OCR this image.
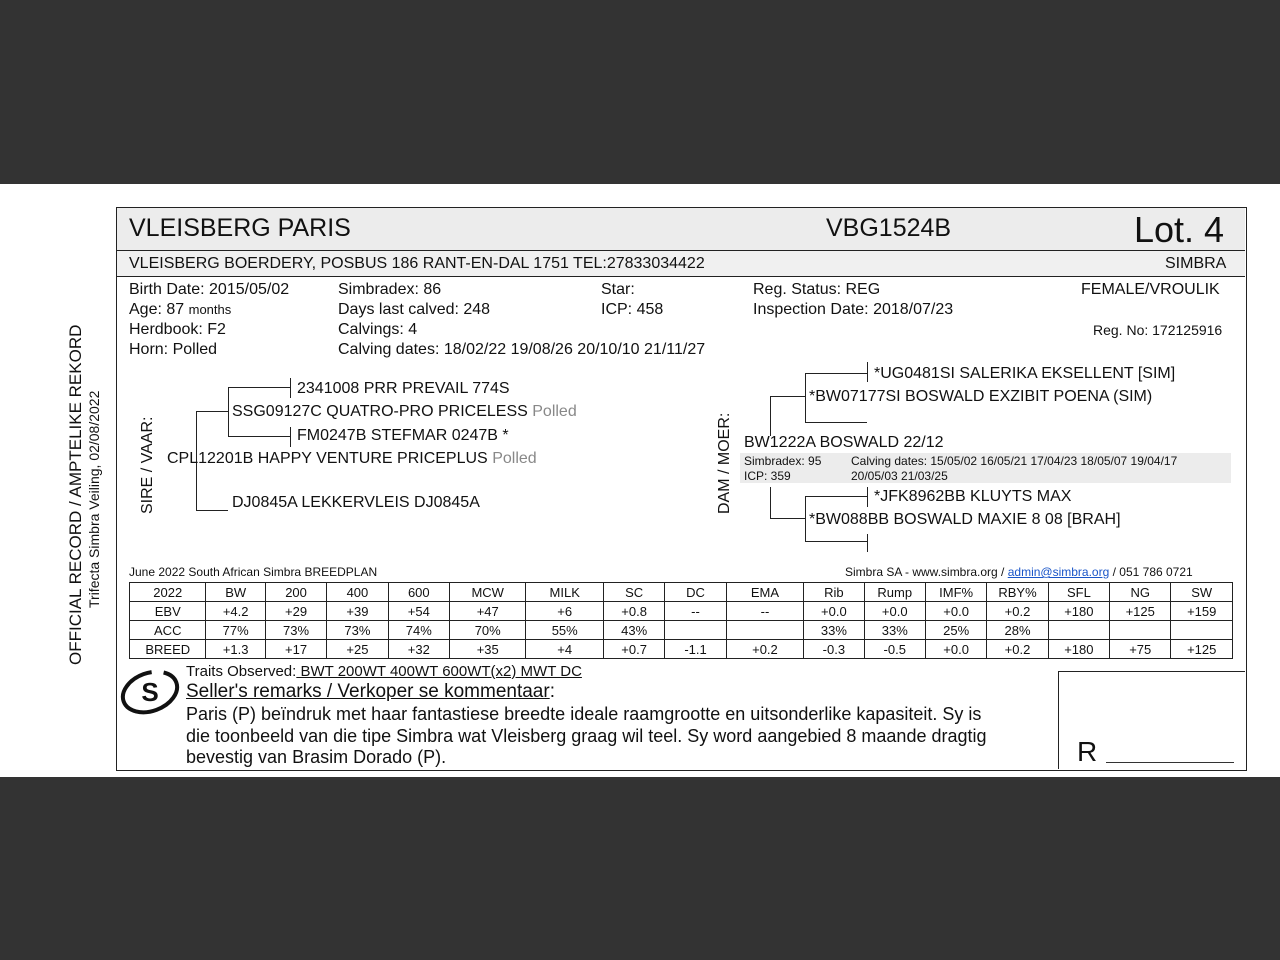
OFFICIAL RECORD / AMPTELIKE REKORD Trifecta Simbra Veiling, 02/08/2022
VLEISBERG PARIS	VBG1524B	Lot. 4
VLEISBERG BOERDERY, POSBUS 186 RANT-EN-DAL 1751 TEL:27833034422	SIMBRA
Birth Date: 2015/05/02
Age: 87 months
Herdbook: F2
Horn: Polled
Simbradex: 86
Days last calved: 248
Calvings: 4
Calving dates: 18/02/22 19/08/26 20/10/10 21/11/27
Star:
ICP: 458
Reg. Status: REG
Inspection Date: 2018/07/23
FEMALE/VROULIK
Reg. No: 172125916
SIRE / VAAR:
2341008 PRR PREVAIL 774S
SSG09127C QUATRO-PRO PRICELESS Polled
FM0247B STEFMAR 0247B *
CPL12201B HAPPY VENTURE PRICEPLUS Polled
DJ0845A LEKKERVLEIS DJ0845A	DAM / MOER:
*UG0481SI SALERIKA EKSELLENT [SIM]
*BW07177SI BOSWALD EXZIBIT POENA (SIM)
BW1222A BOSWALD 22/12
Simbradex: 95
ICP: 359
Calving dates: 15/05/02 16/05/21 17/04/23 18/05/07 19/04/17
20/05/03 21/03/25
*JFK8962BB KLUYTS MAX
*BW088BB BOSWALD MAXIE 8 08 [BRAH]
June 2022 South African Simbra BREEDPLAN	Simbra SA - www.simbra.org / admin@simbra.org / 051 786 0721
2022	BW	200	400	600	MCW	MILK	SC	DC	EMA	Rib	Rump	IMF%	RBY%	SFL	NG	SW
EBV	+4.2	+29	+39	+54	+47	+6	+0.8	--	--	+0.0	+0.0	+0.0	+0.2	+180	+125	+159
ACC	77%	73%	73%	74%	70%	55%	43%			33%	33%	25%	28%			
BREED	+1.3	+17	+25	+32	+35	+4	+0.7	-1.1	+0.2	-0.3	-0.5	+0.0	+0.2	+180	+75	+125
Traits Observed: BWT 200WT 400WT 600WT(x2) MWT DC
S Seller's remarks / Verkoper se kommentaar:
Paris (P) beïndruk met haar fantastiese breedte ideale raamgrootte en uitsonderlike kapasiteit. Sy is
die toonbeeld van die tipe Simbra wat Vleisberg graag wil teel. Sy word aangebied 8 maande dragtig
bevestig van Brasim Dorado (P).	R
